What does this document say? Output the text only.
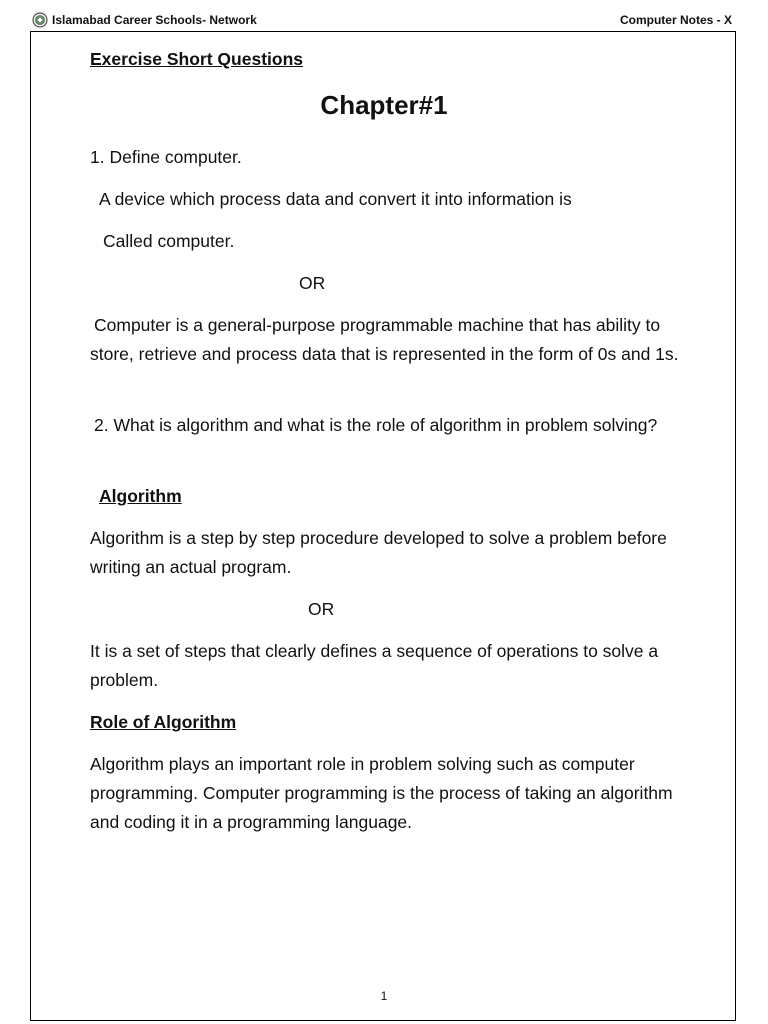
Islamabad Career Schools- Network	Computer Notes - X
Exercise Short Questions
Chapter#1
1. Define computer.
A device which process data and convert it into information is
Called computer.
OR
Computer is a general-purpose programmable machine that has ability to store, retrieve and process data that is represented in the form of 0s and 1s.
2. What is algorithm and what is the role of algorithm in problem solving?
Algorithm
Algorithm is a step by step procedure developed to solve a problem before writing an actual program.
OR
It is a set of steps that clearly defines a sequence of operations to solve a problem.
Role of Algorithm
Algorithm plays an important role in problem solving such as computer programming. Computer programming is the process of taking an algorithm and coding it in a programming language.
1
